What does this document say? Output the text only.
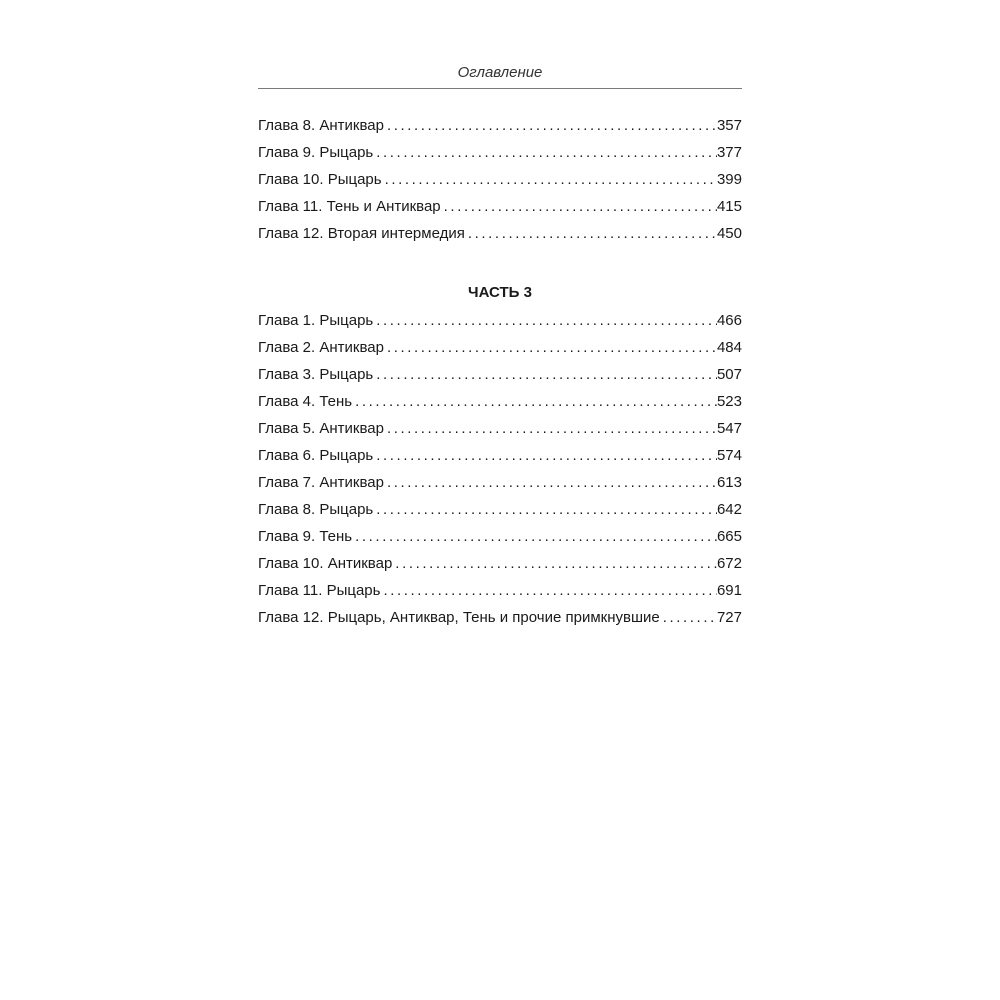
Оглавление
Глава 8. Антиквар .....	357
Глава 9. Рыцарь .....	377
Глава 10. Рыцарь .....	399
Глава 11. Тень и Антиквар .....	415
Глава 12. Вторая интермедия .....	450
ЧАСТЬ 3
Глава 1. Рыцарь .....	466
Глава 2. Антиквар .....	484
Глава 3. Рыцарь .....	507
Глава 4. Тень .....	523
Глава 5. Антиквар .....	547
Глава 6. Рыцарь .....	574
Глава 7. Антиквар .....	613
Глава 8. Рыцарь .....	642
Глава 9. Тень .....	665
Глава 10. Антиквар .....	672
Глава 11. Рыцарь .....	691
Глава 12. Рыцарь, Антиквар, Тень и прочие примкнувшие .....	727
